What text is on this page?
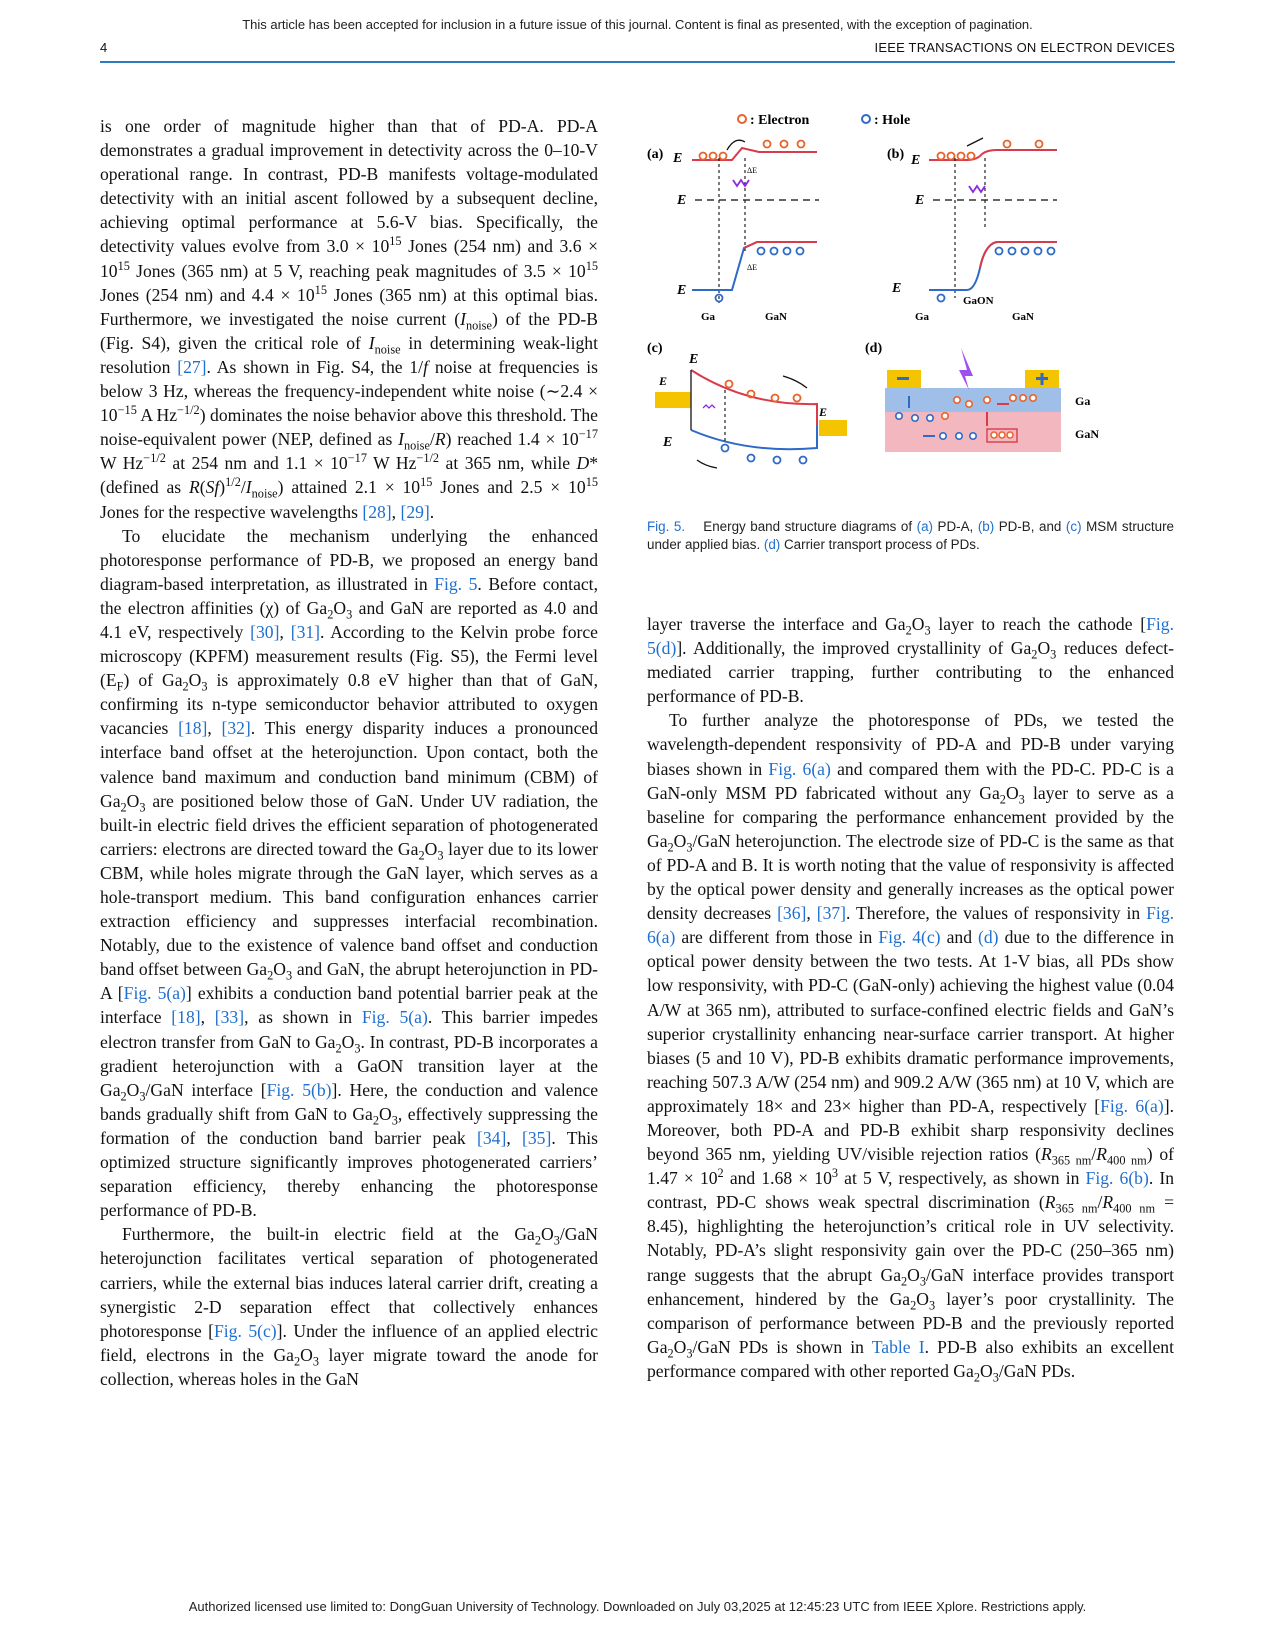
This article has been accepted for inclusion in a future issue of this journal. Content is final as presented, with the exception of pagination.
4	IEEE TRANSACTIONS ON ELECTRON DEVICES

is one order of magnitude higher than that of PD-A. PD-A demonstrates a gradual improvement in detectivity across the 0–10-V operational range. In contrast, PD-B manifests voltage-modulated detectivity with an initial ascent followed by a subsequent decline, achieving optimal performance at 5.6-V bias. Specifically, the detectivity values evolve from $3.0 \times 10^{15}$ Jones (254 nm) and $3.6 \times 10^{15}$ Jones (365 nm) at 5 V, reaching peak magnitudes of $3.5 \times 10^{15}$ Jones (254 nm) and $4.4 \times 10^{15}$ Jones (365 nm) at this optimal bias. Furthermore, we investigated the noise current $(I_{noise})$ of the PD-B (Fig. S4), given the critical role of $I_{noise}$ in determining weak-light resolution [27]. As shown in Fig. S4, the 1/f noise at frequencies is below 3 Hz, whereas the frequency-independent white noise (∼2.4 × $10^{-15}$ A $Hz^{-1/2}$) dominates the noise behavior above this threshold. The noise-equivalent power (NEP, defined as $I_{noise}/R$) reached $1.4 \times 10^{-17}$ W $Hz^{-1/2}$ at 254 nm and $1.1 \times 10^{-17}$ W $Hz^{-1/2}$ at 365 nm, while D* (defined as $R(Sf)^{1/2}/I_{noise}$) attained $2.1 \times 10^{15}$ Jones and $2.5 \times 10^{15}$ Jones for the respective wavelengths [28], [29].

To elucidate the mechanism underlying the enhanced photoresponse performance of PD-B, we proposed an energy band diagram-based interpretation, as illustrated in Fig. 5. Before contact, the electron affinities (χ) of $Ga_2O_3$ and GaN are reported as 4.0 and 4.1 eV, respectively [30], [31]. According to the Kelvin probe force microscopy (KPFM) measurement results (Fig. S5), the Fermi level $(E_F)$ of $Ga_2O_3$ is approximately 0.8 eV higher than that of GaN, confirming its n-type semiconductor behavior attributed to oxygen vacancies [18], [32]. This energy disparity induces a pronounced interface band offset at the heterojunction. Upon contact, both the valence band maximum and conduction band minimum (CBM) of $Ga_2O_3$ are positioned below those of GaN. Under UV radiation, the built-in electric field drives the efficient separation of photogenerated carriers: electrons are directed toward the $Ga_2O_3$ layer due to its lower CBM, while holes migrate through the GaN layer, which serves as a hole-transport medium. This band configuration enhances carrier extraction efficiency and suppresses interfacial recombination. Notably, due to the existence of valence band offset and conduction band offset between $Ga_2O_3$ and GaN, the abrupt heterojunction in PD-A [Fig. 5(a)] exhibits a conduction band potential barrier peak at the interface [18], [33], as shown in Fig. 5(a). This barrier impedes electron transfer from GaN to $Ga_2O_3$. In contrast, PD-B incorporates a gradient heterojunction with a GaON transition layer at the $Ga_2O_3$/GaN interface [Fig. 5(b)]. Here, the conduction and valence bands gradually shift from GaN to $Ga_2O_3$, effectively suppressing the formation of the conduction band barrier peak [34], [35]. This optimized structure significantly improves photogenerated carriers’ separation efficiency, thereby enhancing the photoresponse performance of PD-B.

Furthermore, the built-in electric field at the $Ga_2O_3$/GaN heterojunction facilitates vertical separation of photogenerated carriers, while the external bias induces lateral carrier drift, creating a synergistic 2-D separation effect that collectively enhances photoresponse [Fig. 5(c)]. Under the influence of an applied electric field, electrons in the $Ga_2O_3$ layer migrate toward the anode for collection, whereas holes in the GaN

: Electron	: Hole
(a) E
ΔE
E
ΔE
E
Ga	GaN
(b) E
E
E
GaON
Ga	GaN
(c)
E
E
E
E
(d)
Ga
GaN
Fig. 5. Energy band structure diagrams of (a) PD-A, (b) PD-B, and (c) MSM structure under applied bias. (d) Carrier transport process of PDs.

layer traverse the interface and $Ga_2O_3$ layer to reach the cathode [Fig. 5(d)]. Additionally, the improved crystallinity of $Ga_2O_3$ reduces defect-mediated carrier trapping, further contributing to the enhanced performance of PD-B.

To further analyze the photoresponse of PDs, we tested the wavelength-dependent responsivity of PD-A and PD-B under varying biases shown in Fig. 6(a) and compared them with the PD-C. PD-C is a GaN-only MSM PD fabricated without any $Ga_2O_3$ layer to serve as a baseline for comparing the performance enhancement provided by the $Ga_2O_3$/GaN heterojunction. The electrode size of PD-C is the same as that of PD-A and B. It is worth noting that the value of responsivity is affected by the optical power density and generally increases as the optical power density decreases [36], [37]. Therefore, the values of responsivity in Fig. 6(a) are different from those in Fig. 4(c) and (d) due to the difference in optical power density between the two tests. At 1-V bias, all PDs show low responsivity, with PD-C (GaN-only) achieving the highest value (0.04 A/W at 365 nm), attributed to surface-confined electric fields and GaN’s superior crystallinity enhancing near-surface carrier transport. At higher biases (5 and 10 V), PD-B exhibits dramatic performance improvements, reaching 507.3 A/W (254 nm) and 909.2 A/W (365 nm) at 10 V, which are approximately 18× and 23× higher than PD-A, respectively [Fig. 6(a)]. Moreover, both PD-A and PD-B exhibit sharp responsivity declines beyond 365 nm, yielding UV/visible rejection ratios $(R_{365 nm}/R_{400 nm})$ of $1.47 \times 10^2$ and $1.68 \times 10^3$ at 5 V, respectively, as shown in Fig. 6(b). In contrast, PD-C shows weak spectral discrimination $(R_{365 nm}/R_{400 nm} = 8.45)$, highlighting the heterojunction’s critical role in UV selectivity. Notably, PD-A’s slight responsivity gain over the PD-C (250–365 nm) range suggests that the abrupt $Ga_2O_3$/GaN interface provides transport enhancement, hindered by the $Ga_2O_3$ layer’s poor crystallinity. The comparison of performance between PD-B and the previously reported $Ga_2O_3$/GaN PDs is shown in Table I. PD-B also exhibits an excellent performance compared with other reported $Ga_2O_3$/GaN PDs.

Authorized licensed use limited to: DongGuan University of Technology. Downloaded on July 03,2025 at 12:45:23 UTC from IEEE Xplore. Restrictions apply.
